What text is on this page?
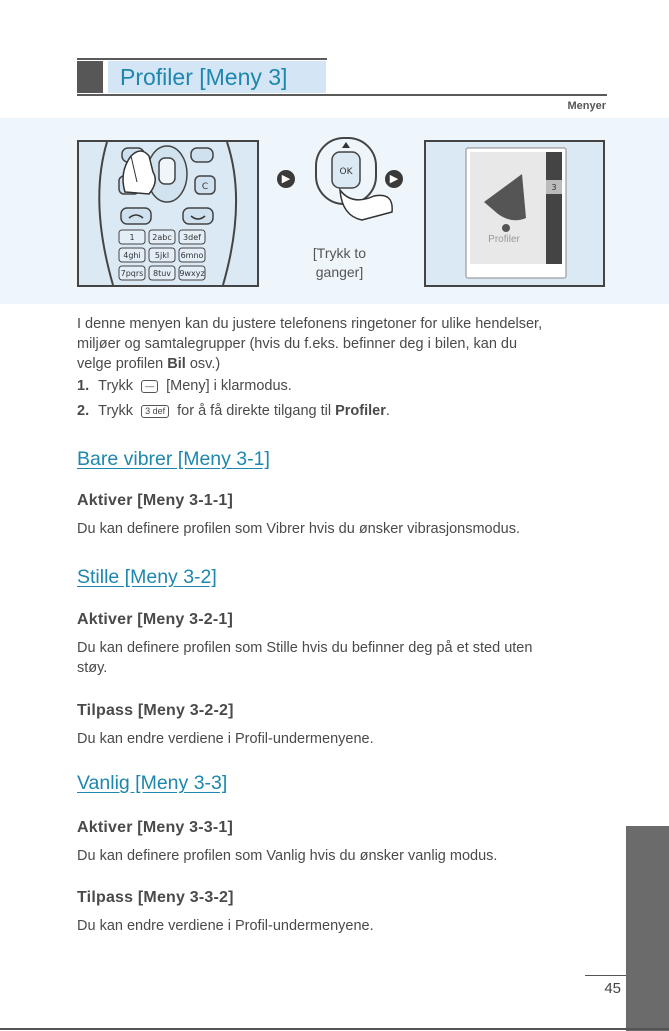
Profiler [Meny 3]
Menyer
C
1 2abc 3def
4ghi 5jkl 6mno
7pqrs 8tuv 9wxyz
▶	OK	▶
[Trykk to
ganger]
3
Profiler
I denne menyen kan du justere telefonens ringetoner for ulike hendelser,
miljøer og samtalegrupper (hvis du f.eks. befinner deg i bilen, kan du
velge profilen Bil osv.)
1. Trykk — [Meny] i klarmodus.
2. Trykk 3 def for å få direkte tilgang til Profiler.
Bare vibrer [Meny 3-1]
Aktiver [Meny 3-1-1]
Du kan definere profilen som Vibrer hvis du ønsker vibrasjonsmodus.
Stille [Meny 3-2]
Aktiver [Meny 3-2-1]
Du kan definere profilen som Stille hvis du befinner deg på et sted uten
støy.
Tilpass [Meny 3-2-2]
Du kan endre verdiene i Profil-undermenyene.
Vanlig [Meny 3-3]
Aktiver [Meny 3-3-1]
Du kan definere profilen som Vanlig hvis du ønsker vanlig modus.
Tilpass [Meny 3-3-2]
Du kan endre verdiene i Profil-undermenyene.
45
